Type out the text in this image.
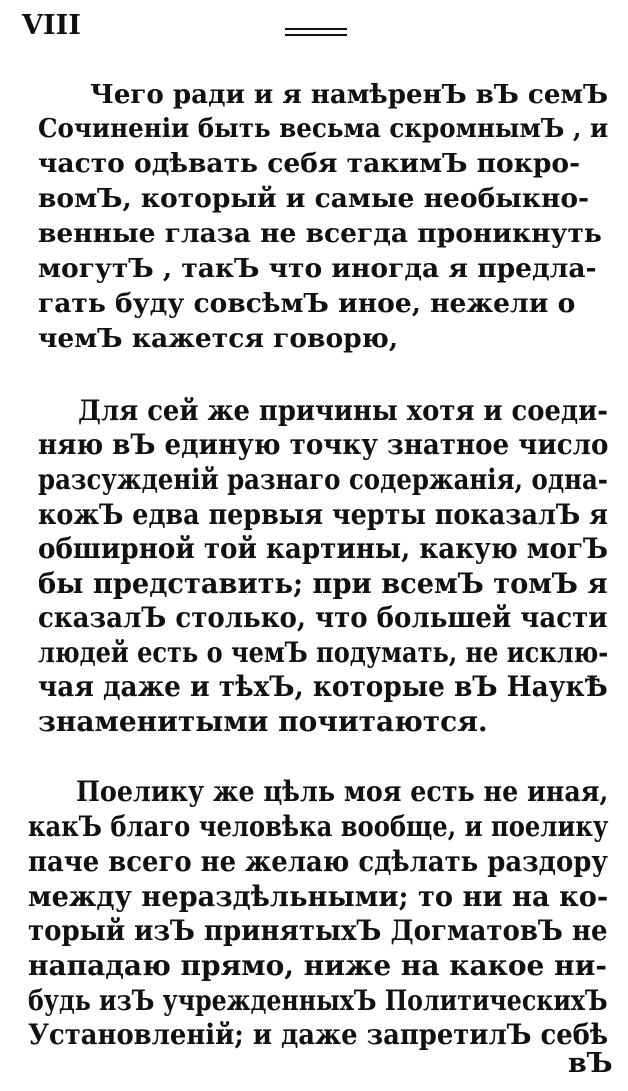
VIII
Чего ради и я намѣренЪ вЪ семЪ
Сочиненіи быть весьма скромнымЪ , и
часто одѣвать себя такимЪ покро-
вомЪ, который и самые необыкно-
венные глаза не всегда проникнуть
могутЪ , такЪ что иногда я предла-
гать буду совсѣмЪ иное, нежели о
чемЪ кажется говорю,
Для сей же причины хотя и соеди-
няю вЪ единую точку знатное число
разсужденій разнаго содержанія, одна-
кожЪ едва первыя черты показалЪ я
обширной той картины, какую могЪ
бы представить; при всемЪ томЪ я
сказалЪ столько, что большей части
людей есть о чемЪ подумать, не исклю-
чая даже и тѣхЪ, которые вЪ НаукѢ
знаменитыми почитаются.
Поелику же цѣль моя есть не иная,
какЪ благо человѣка вообще, и поелику
паче всего не желаю сдѣлать раздору
между нераздѣльными; то ни на ко-
торый изЪ принятыхЪ ДогматовЪ не
нападаю прямо, ниже на какое ни-
будь изЪ учрежденныхЪ ПолитическихЪ
Установленій; и даже запретилЪ себѣ
вЪ
